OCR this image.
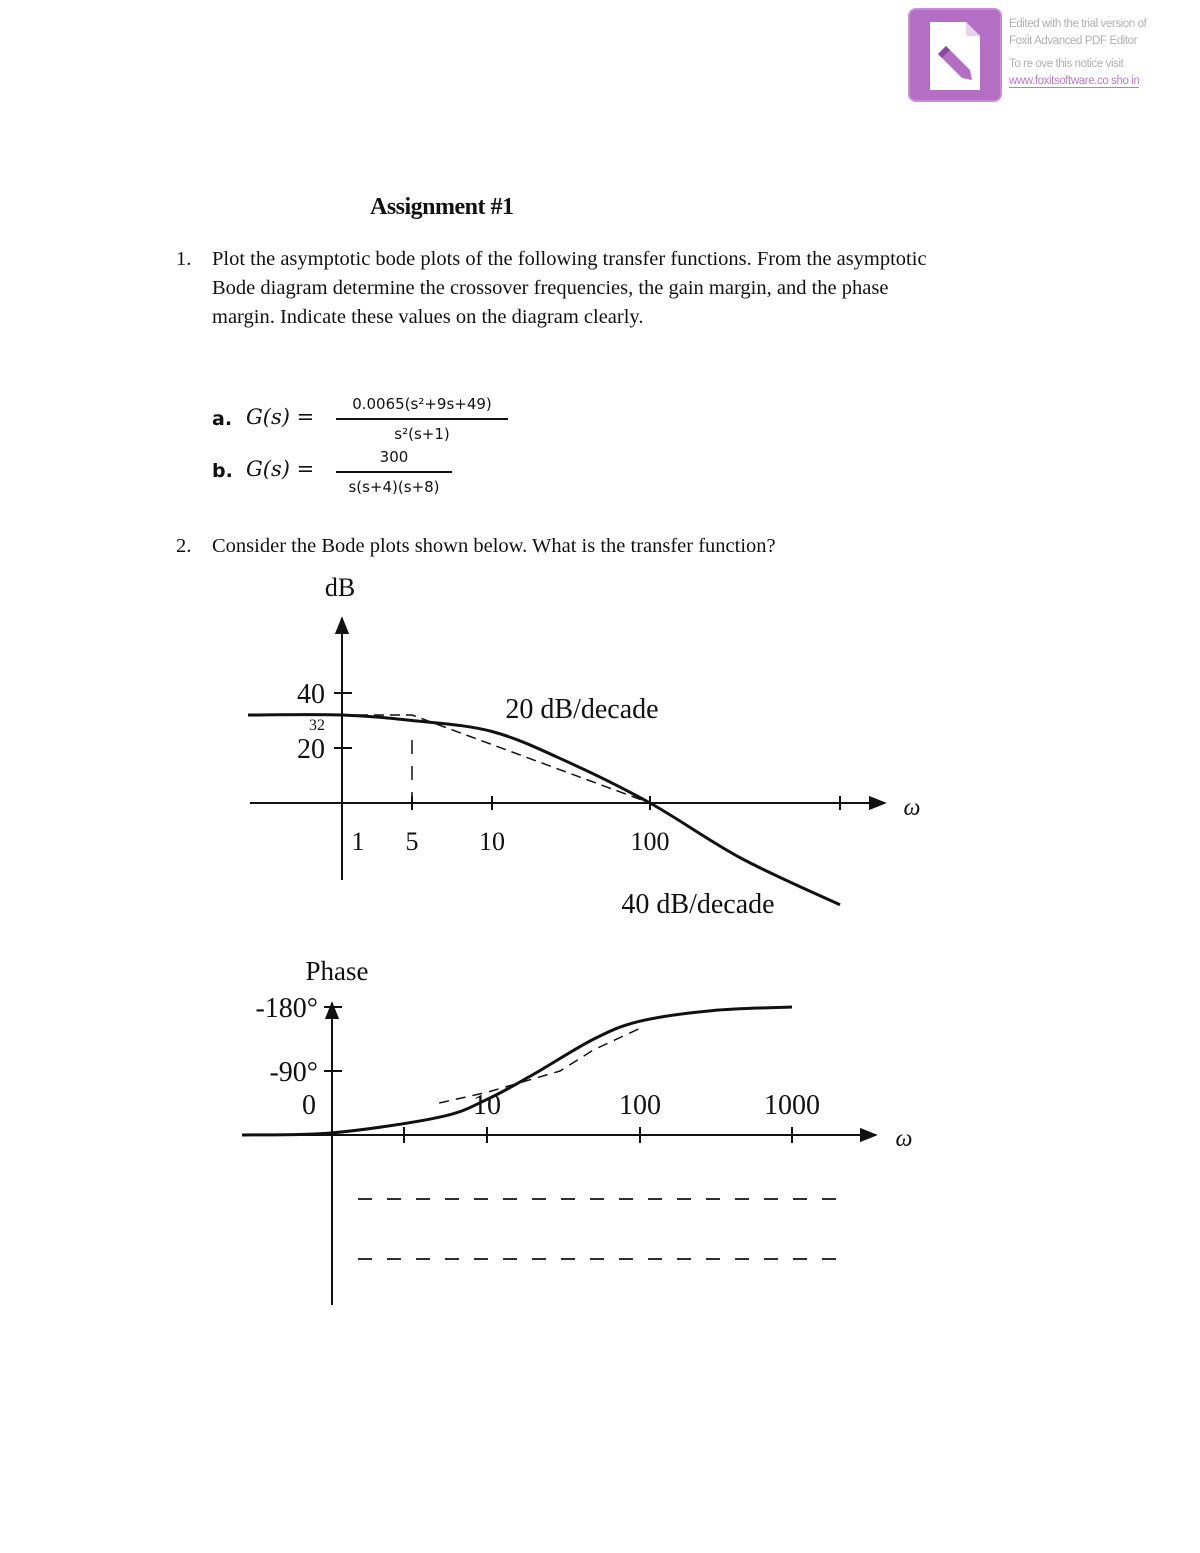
Edited with the trial version of
Foxit Advanced PDF Editor
To re ove this notice visit
www.foxitsoftware.co sho in
Assignment #1
1. Plot the asymptotic bode plots of the following transfer functions. From the asymptotic
Bode diagram determine the crossover frequencies, the gain margin, and the phase
margin. Indicate these values on the diagram clearly.
a. G(s) =
0.0065(s²+9s+49)
s²(s+1)
b. G(s) =	300
s(s+4)(s+8)
2. Consider the Bode plots shown below. What is the transfer function?
dB
ω
20
40
1 5 10	100
32
20 dB/decade
40 dB/decade
Phase
ω
0
-90°
-180°
10	100	1000
